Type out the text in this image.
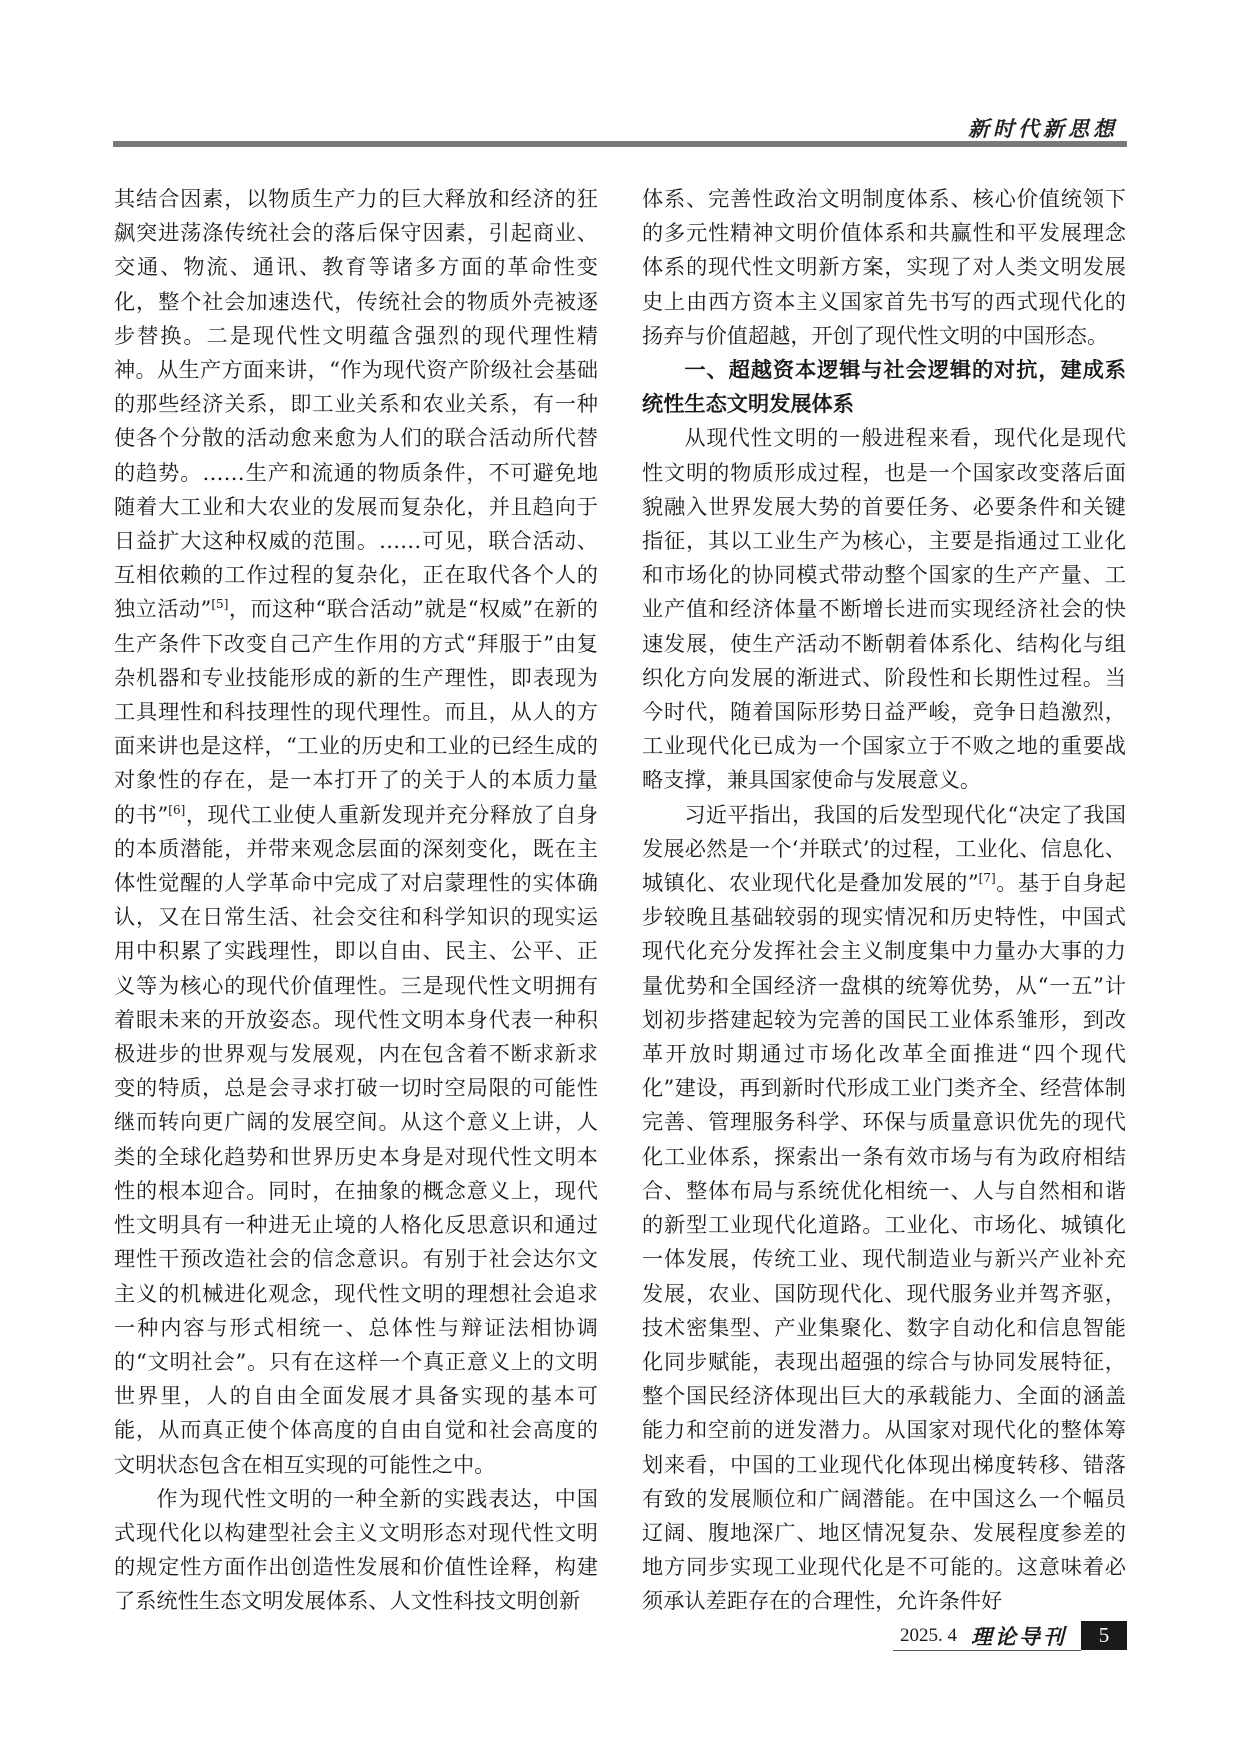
新时代新思想

其结合因素，以物质生产力的巨大释放和经济的狂飙突进荡涤传统社会的落后保守因素，引起商业、交通、物流、通讯、教育等诸多方面的革命性变化，整个社会加速迭代，传统社会的物质外壳被逐步替换。二是现代性文明蕴含强烈的现代理性精神。从生产方面来讲，“作为现代资产阶级社会基础的那些经济关系，即工业关系和农业关系，有一种使各个分散的活动愈来愈为人们的联合活动所代替的趋势。……生产和流通的物质条件，不可避免地随着大工业和大农业的发展而复杂化，并且趋向于日益扩大这种权威的范围。……可见，联合活动、互相依赖的工作过程的复杂化，正在取代各个人的独立活动”[5]，而这种“联合活动”就是“权威”在新的生产条件下改变自己产生作用的方式“拜服于”由复杂机器和专业技能形成的新的生产理性，即表现为工具理性和科技理性的现代理性。而且，从人的方面来讲也是这样，“工业的历史和工业的已经生成的对象性的存在，是一本打开了的关于人的本质力量的书”[6]，现代工业使人重新发现并充分释放了自身的本质潜能，并带来观念层面的深刻变化，既在主体性觉醒的人学革命中完成了对启蒙理性的实体确认，又在日常生活、社会交往和科学知识的现实运用中积累了实践理性，即以自由、民主、公平、正义等为核心的现代价值理性。三是现代性文明拥有着眼未来的开放姿态。现代性文明本身代表一种积极进步的世界观与发展观，内在包含着不断求新求变的特质，总是会寻求打破一切时空局限的可能性继而转向更广阔的发展空间。从这个意义上讲，人类的全球化趋势和世界历史本身是对现代性文明本性的根本迎合。同时，在抽象的概念意义上，现代性文明具有一种进无止境的人格化反思意识和通过理性干预改造社会的信念意识。有别于社会达尔文主义的机械进化观念，现代性文明的理想社会追求一种内容与形式相统一、总体性与辩证法相协调的“文明社会”。只有在这样一个真正意义上的文明世界里，人的自由全面发展才具备实现的基本可能，从而真正使个体高度的自由自觉和社会高度的文明状态包含在相互实现的可能性之中。

作为现代性文明的一种全新的实践表达，中国式现代化以构建型社会主义文明形态对现代性文明的规定性方面作出创造性发展和价值性诠释，构建了系统性生态文明发展体系、人文性科技文明创新

体系、完善性政治文明制度体系、核心价值统领下的多元性精神文明价值体系和共赢性和平发展理念体系的现代性文明新方案，实现了对人类文明发展史上由西方资本主义国家首先书写的西式现代化的扬弃与价值超越，开创了现代性文明的中国形态。

一、超越资本逻辑与社会逻辑的对抗，建成系统性生态文明发展体系

从现代性文明的一般进程来看，现代化是现代性文明的物质形成过程，也是一个国家改变落后面貌融入世界发展大势的首要任务、必要条件和关键指征，其以工业生产为核心，主要是指通过工业化和市场化的协同模式带动整个国家的生产产量、工业产值和经济体量不断增长进而实现经济社会的快速发展，使生产活动不断朝着体系化、结构化与组织化方向发展的渐进式、阶段性和长期性过程。当今时代，随着国际形势日益严峻，竞争日趋激烈，工业现代化已成为一个国家立于不败之地的重要战略支撑，兼具国家使命与发展意义。

习近平指出，我国的后发型现代化“决定了我国发展必然是一个‘并联式’的过程，工业化、信息化、城镇化、农业现代化是叠加发展的”[7]。基于自身起步较晚且基础较弱的现实情况和历史特性，中国式现代化充分发挥社会主义制度集中力量办大事的力量优势和全国经济一盘棋的统筹优势，从“一五”计划初步搭建起较为完善的国民工业体系雏形，到改革开放时期通过市场化改革全面推进“四个现代化”建设，再到新时代形成工业门类齐全、经营体制完善、管理服务科学、环保与质量意识优先的现代化工业体系，探索出一条有效市场与有为政府相结合、整体布局与系统优化相统一、人与自然相和谐的新型工业现代化道路。工业化、市场化、城镇化一体发展，传统工业、现代制造业与新兴产业补充发展，农业、国防现代化、现代服务业并驾齐驱，技术密集型、产业集聚化、数字自动化和信息智能化同步赋能，表现出超强的综合与协同发展特征，整个国民经济体现出巨大的承载能力、全面的涵盖能力和空前的迸发潜力。从国家对现代化的整体筹划来看，中国的工业现代化体现出梯度转移、错落有致的发展顺位和广阔潜能。在中国这么一个幅员辽阔、腹地深广、地区情况复杂、发展程度参差的地方同步实现工业现代化是不可能的。这意味着必须承认差距存在的合理性，允许条件好

2025. 4 理论导刊	5
